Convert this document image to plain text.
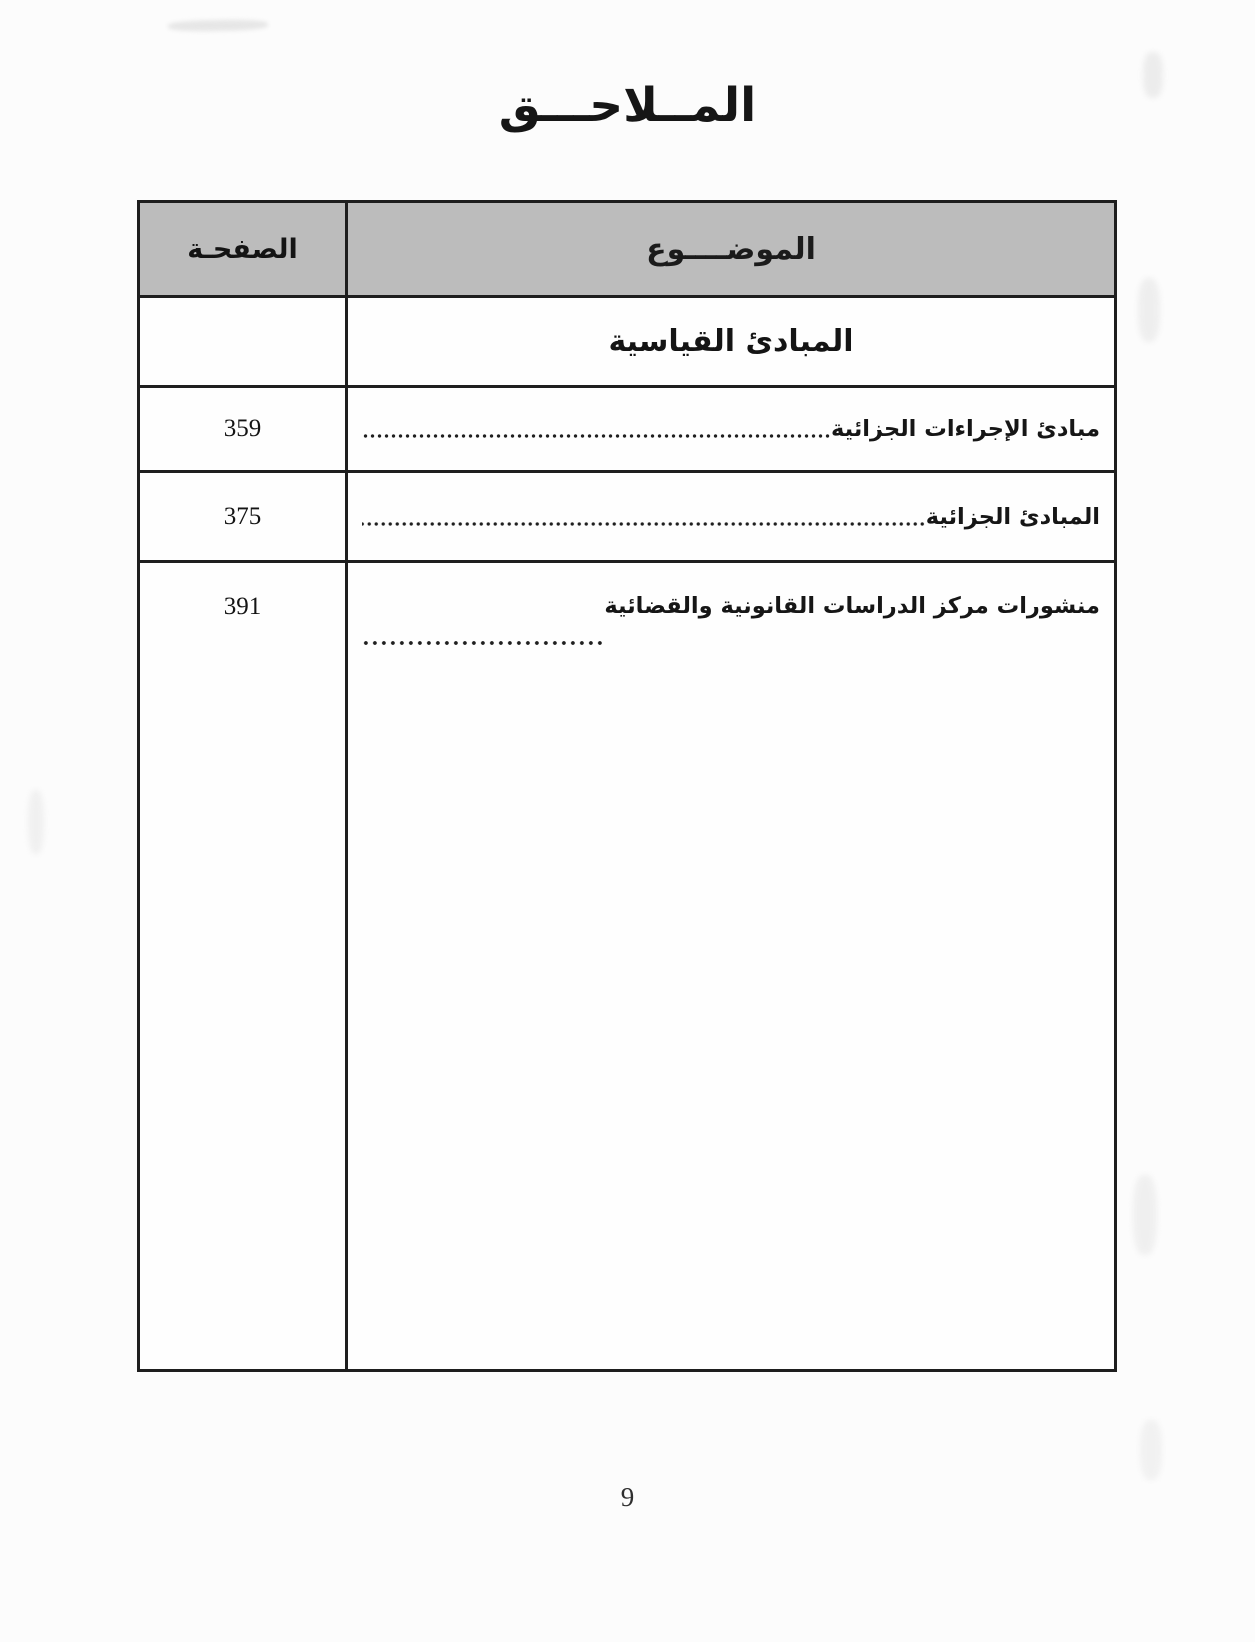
المــلاحـــق
الصفحـة	الموضــــوع
المبادئ القياسية
359	مبادئ الإجراءات الجزائية
375	المبادئ الجزائية
391	منشورات مركز الدراسات القانونية والقضائية
9
